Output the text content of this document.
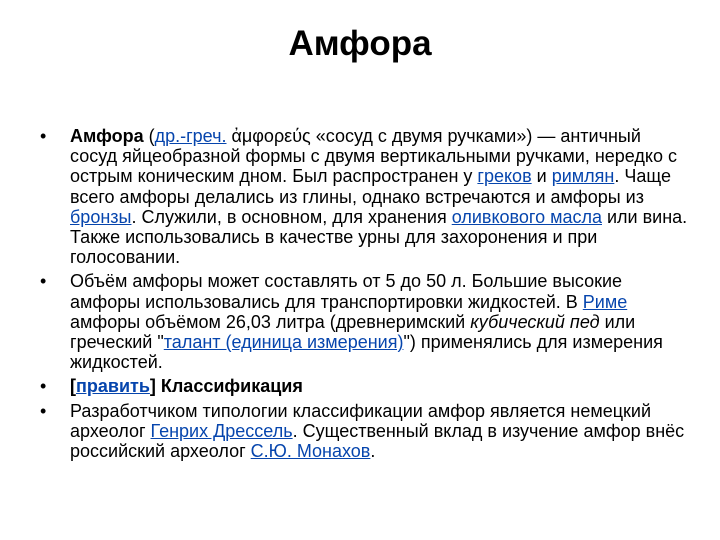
Амфора
• Амфора (др.-греч. ἀμφορεύς «сосуд с двумя ручками») — античный сосуд яйцеобразной формы с двумя вертикальными ручками, нередко с острым коническим дном. Был распространен у греков и римлян. Чаще всего амфоры делались из глины, однако встречаются и амфоры из бронзы. Служили, в основном, для хранения оливкового масла или вина. Также использовались в качестве урны для захоронения и при голосовании.
• Объём амфоры может составлять от 5 до 50 л. Большие высокие амфоры использовались для транспортировки жидкостей. В Риме амфоры объёмом 26,03 литра (древнеримский кубический пед или греческий "талант (единица измерения)") применялись для измерения жидкостей.
• [править] Классификация
• Разработчиком типологии классификации амфор является немецкий археолог Генрих Дрессель. Существенный вклад в изучение амфор внёс российский археолог С.Ю. Монахов.
